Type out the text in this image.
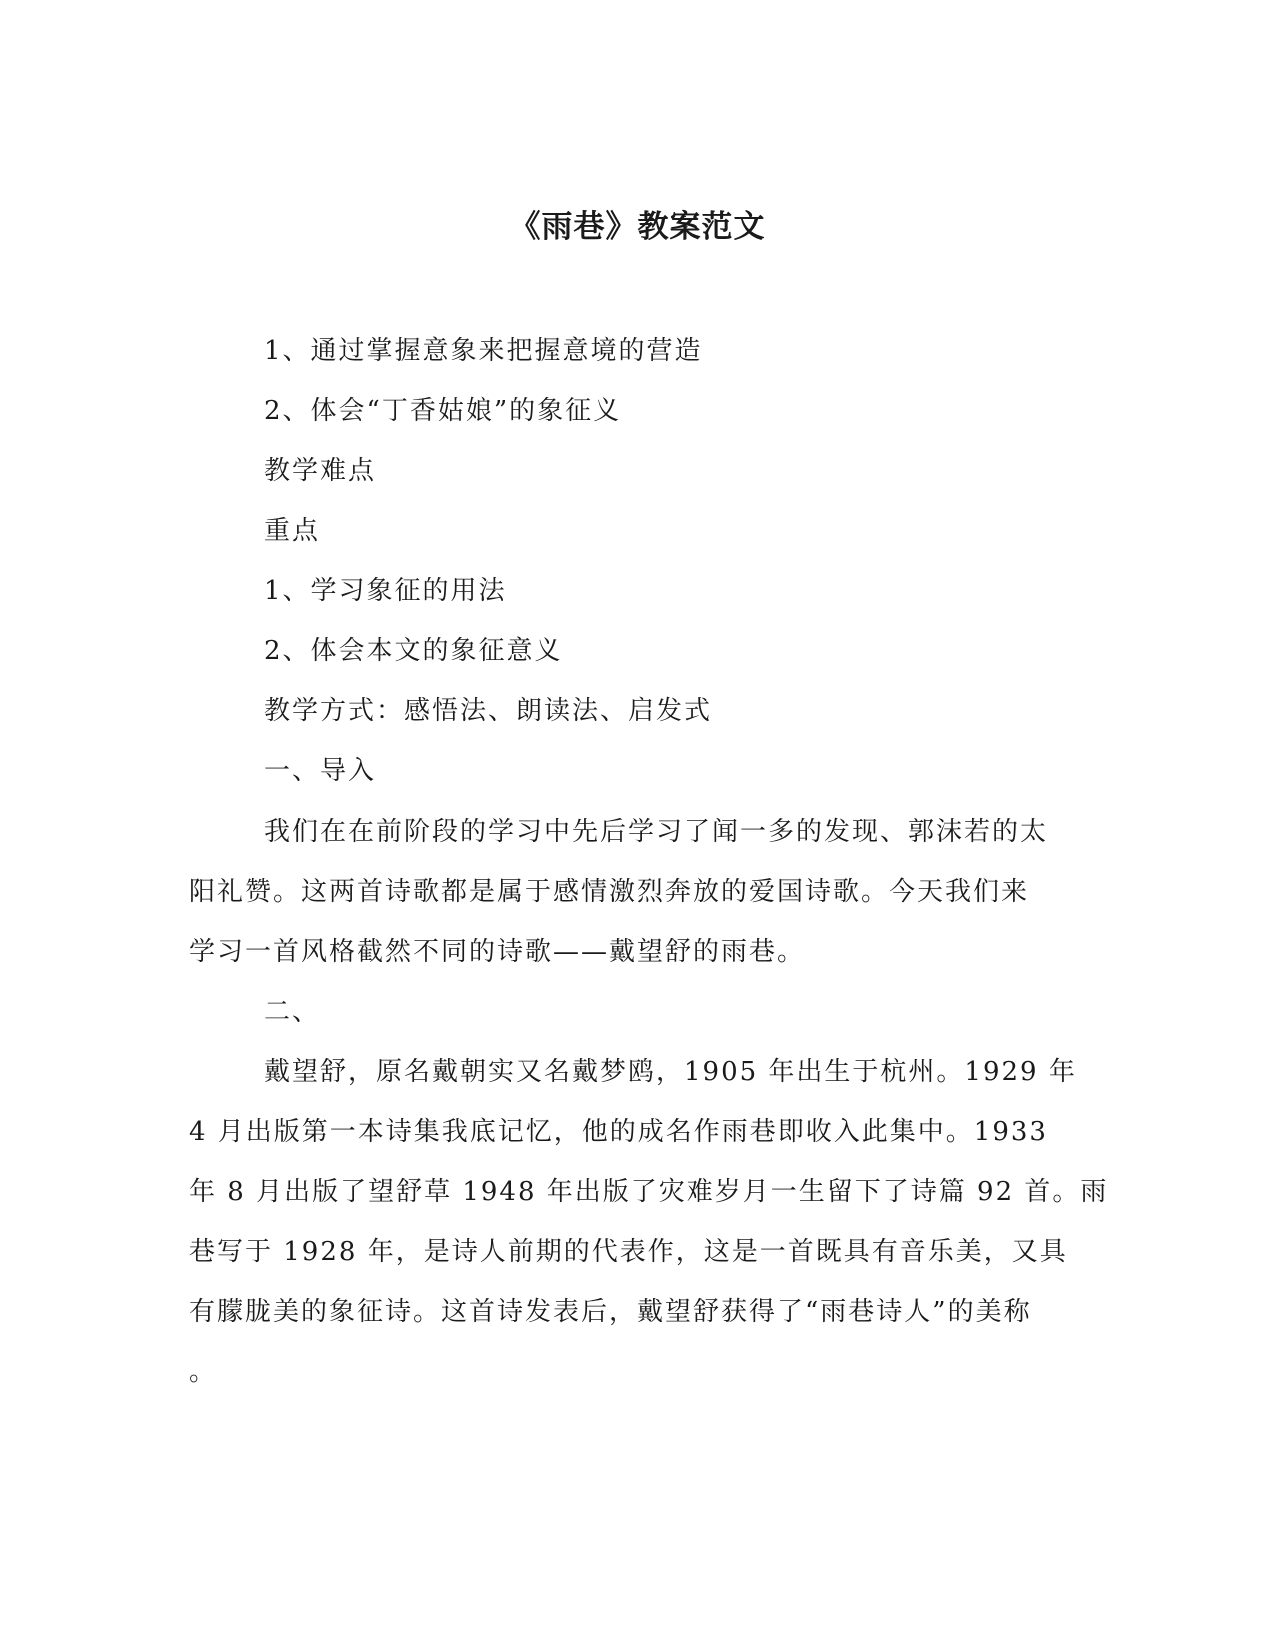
《雨巷》教案范文
1、通过掌握意象来把握意境的营造
2、体会“丁香姑娘”的象征义
教学难点
重点
1、学习象征的用法
2、体会本文的象征意义
教学方式：感悟法、朗读法、启发式
一、导入
我们在在前阶段的学习中先后学习了闻一多的发现、郭沫若的太
阳礼赞。这两首诗歌都是属于感情激烈奔放的爱国诗歌。今天我们来
学习一首风格截然不同的诗歌——戴望舒的雨巷。
二、
戴望舒，原名戴朝实又名戴梦鸥，1905 年出生于杭州。1929 年
4 月出版第一本诗集我底记忆，他的成名作雨巷即收入此集中。1933
年 8 月出版了望舒草 1948 年出版了灾难岁月一生留下了诗篇 92 首。雨
巷写于 1928 年，是诗人前期的代表作，这是一首既具有音乐美，又具
有朦胧美的象征诗。这首诗发表后，戴望舒获得了“雨巷诗人”的美称
。
